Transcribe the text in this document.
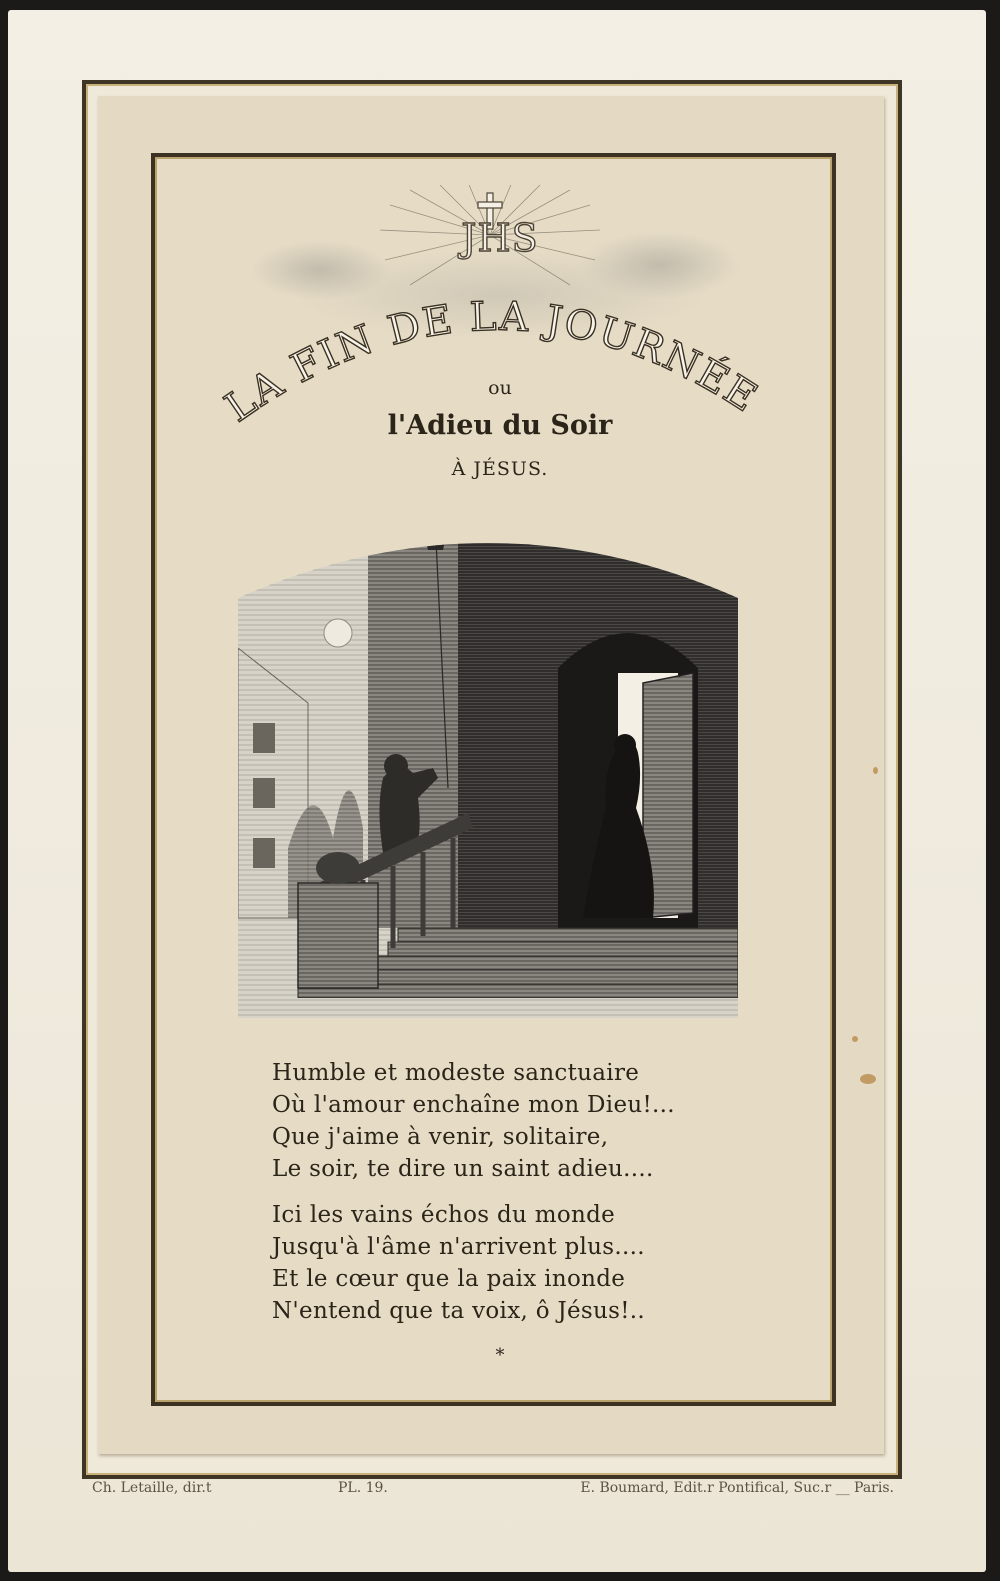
JHS
LA FIN DE LA JOURNÉE
ou
l'Adieu du Soir
À JÉSUS.
Humble et modeste sanctuaire
Où l'amour enchaîne mon Dieu!...
Que j'aime à venir, solitaire,
Le soir, te dire un saint adieu....
Ici les vains échos du monde
Jusqu'à l'âme n'arrivent plus....
Et le cœur que la paix inonde
N'entend que ta voix, ô Jésus!..
*
Ch. Letaille, dir.t	PL. 19.	E. Boumard, Edit.r Pontifical, Suc.r __ Paris.
